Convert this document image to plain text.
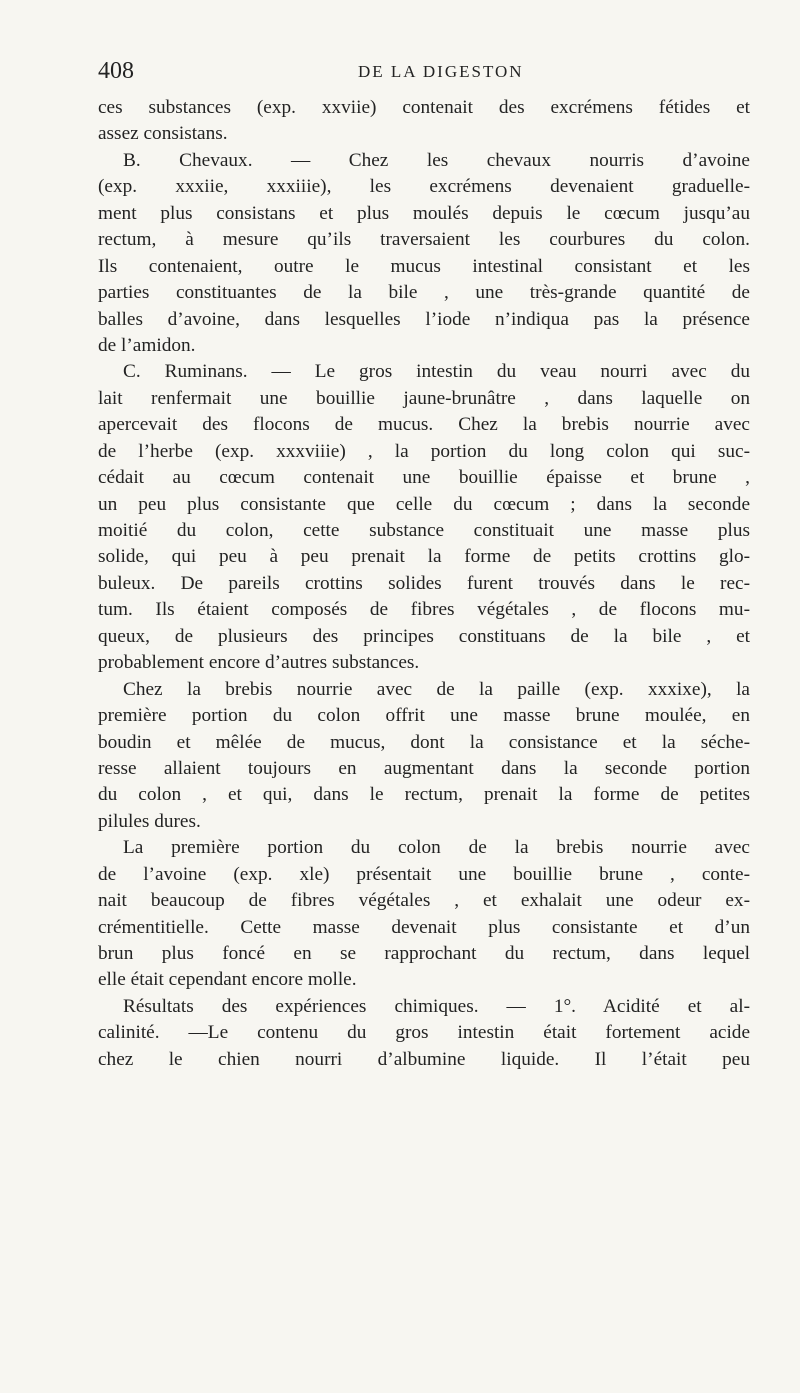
408	DE LA DIGESTON
ces substances (exp. xxviie) contenait des excrémens fétides et
assez consistans.
B. Chevaux. — Chez les chevaux nourris d’avoine
(exp. xxxiie, xxxiiie), les excrémens devenaient graduelle-
ment plus consistans et plus moulés depuis le cœcum jusqu’au
rectum, à mesure qu’ils traversaient les courbures du colon.
Ils contenaient, outre le mucus intestinal consistant et les
parties constituantes de la bile , une très-grande quantité de
balles d’avoine, dans lesquelles l’iode n’indiqua pas la présence
de l’amidon.
C. Ruminans. — Le gros intestin du veau nourri avec du
lait renfermait une bouillie jaune-brunâtre , dans laquelle on
apercevait des flocons de mucus. Chez la brebis nourrie avec
de l’herbe (exp. xxxviiie) , la portion du long colon qui suc-
cédait au cœcum contenait une bouillie épaisse et brune ,
un peu plus consistante que celle du cœcum ; dans la seconde
moitié du colon, cette substance constituait une masse plus
solide, qui peu à peu prenait la forme de petits crottins glo-
buleux. De pareils crottins solides furent trouvés dans le rec-
tum. Ils étaient composés de fibres végétales , de flocons mu-
queux, de plusieurs des principes constituans de la bile , et
probablement encore d’autres substances.
Chez la brebis nourrie avec de la paille (exp. xxxixe), la
première portion du colon offrit une masse brune moulée, en
boudin et mêlée de mucus, dont la consistance et la séche-
resse allaient toujours en augmentant dans la seconde portion
du colon , et qui, dans le rectum, prenait la forme de petites
pilules dures.
La première portion du colon de la brebis nourrie avec
de l’avoine (exp. xle) présentait une bouillie brune , conte-
nait beaucoup de fibres végétales , et exhalait une odeur ex-
crémentitielle. Cette masse devenait plus consistante et d’un
brun plus foncé en se rapprochant du rectum, dans lequel
elle était cependant encore molle.
Résultats des expériences chimiques. — 1°. Acidité et al-
calinité. —Le contenu du gros intestin était fortement acide
chez le chien nourri d’albumine liquide. Il l’était peu
